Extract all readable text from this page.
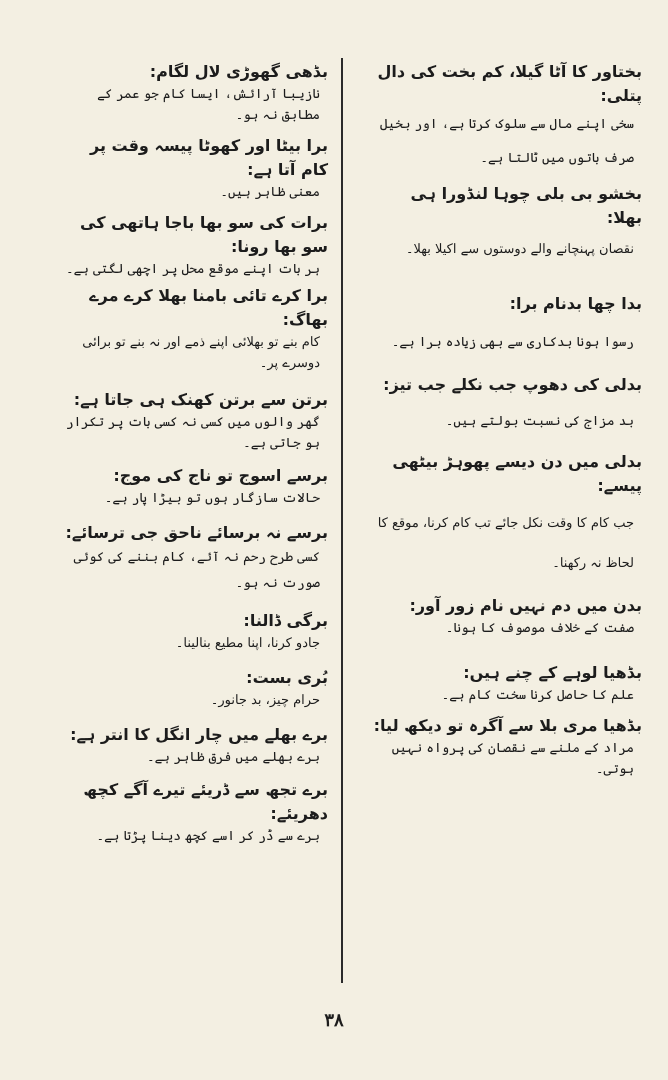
بختاور کا آٹا گیلا، کم بخت کی دال پتلی:

سخی اپنے مال سے سلوک کرتا ہے، اور بخیل صرف باتوں میں ٹالتا ہے۔

بخشو بی بلی چوہا لنڈورا ہی بھلا:

نقصان پہنچانے والے دوستوں سے اکیلا بھلا۔

بدا چھا بدنام برا:

رسوا ہونا بدکاری سے بھی زیادہ برا ہے۔

بدلی کی دھوپ جب نکلے جب تیز:

بد مزاج کی نسبت بولتے ہیں۔

بدلی میں دن دیسے پھوہڑ بیٹھی پیسے:

جب کام کا وقت نکل جائے تب کام کرنا، موقع کا لحاظ نہ رکھنا۔

بدن میں دم نہیں نام زور آور:

صفت کے خلاف موصوف کا ہونا۔

بڈھیا لوہے کے چنے ہیں:

علم کا حاصل کرنا سخت کام ہے۔

بڈھیا مری بلا سے آگرہ تو دیکھ لیا:

مراد کے ملنے سے نقصان کی پرواہ نہیں ہوتی۔

بڈھی گھوڑی لال لگام:

نازیبا آرائش، ایسا کام جو عمر کے مطابق نہ ہو۔

برا بیٹا اور کھوٹا پیسہ وقت پر کام آتا ہے:

معنی ظاہر ہیں۔

برات کی سو بھا باجا ہاتھی کی سو بھا رونا:

ہر بات اپنے موقع محل پر اچھی لگتی ہے۔

برا کرے تائی بامنا بھلا کرے مرے بھاگ:

کام بنے تو بھلائی اپنے ذمے اور نہ بنے تو برائی دوسرے پر۔

برتن سے برتن کھنک ہی جاتا ہے:

گھر والوں میں کسی نہ کسی بات پر تکرار ہو جاتی ہے۔

برسے اسوج تو ناج کی موج:

حالات سازگار ہوں تو بیڑا پار ہے۔

برسے نہ برسائے ناحق جی ترسائے:

کسی طرح رحم نہ آئے، کام بننے کی کوئی صورت نہ ہو۔

برگی ڈالنا:

جادو کرنا، اپنا مطیع بنالینا۔

بُری بست:

حرام چیز، بد جانور۔

برے بھلے میں چار انگل کا انتر ہے:

برے بھلے میں فرق ظاہر ہے۔

برے تجھ سے ڈریئے تیرے آگے کچھ دھریئے:

برے سے ڈر کر اسے کچھ دینا پڑتا ہے۔

۳۸
